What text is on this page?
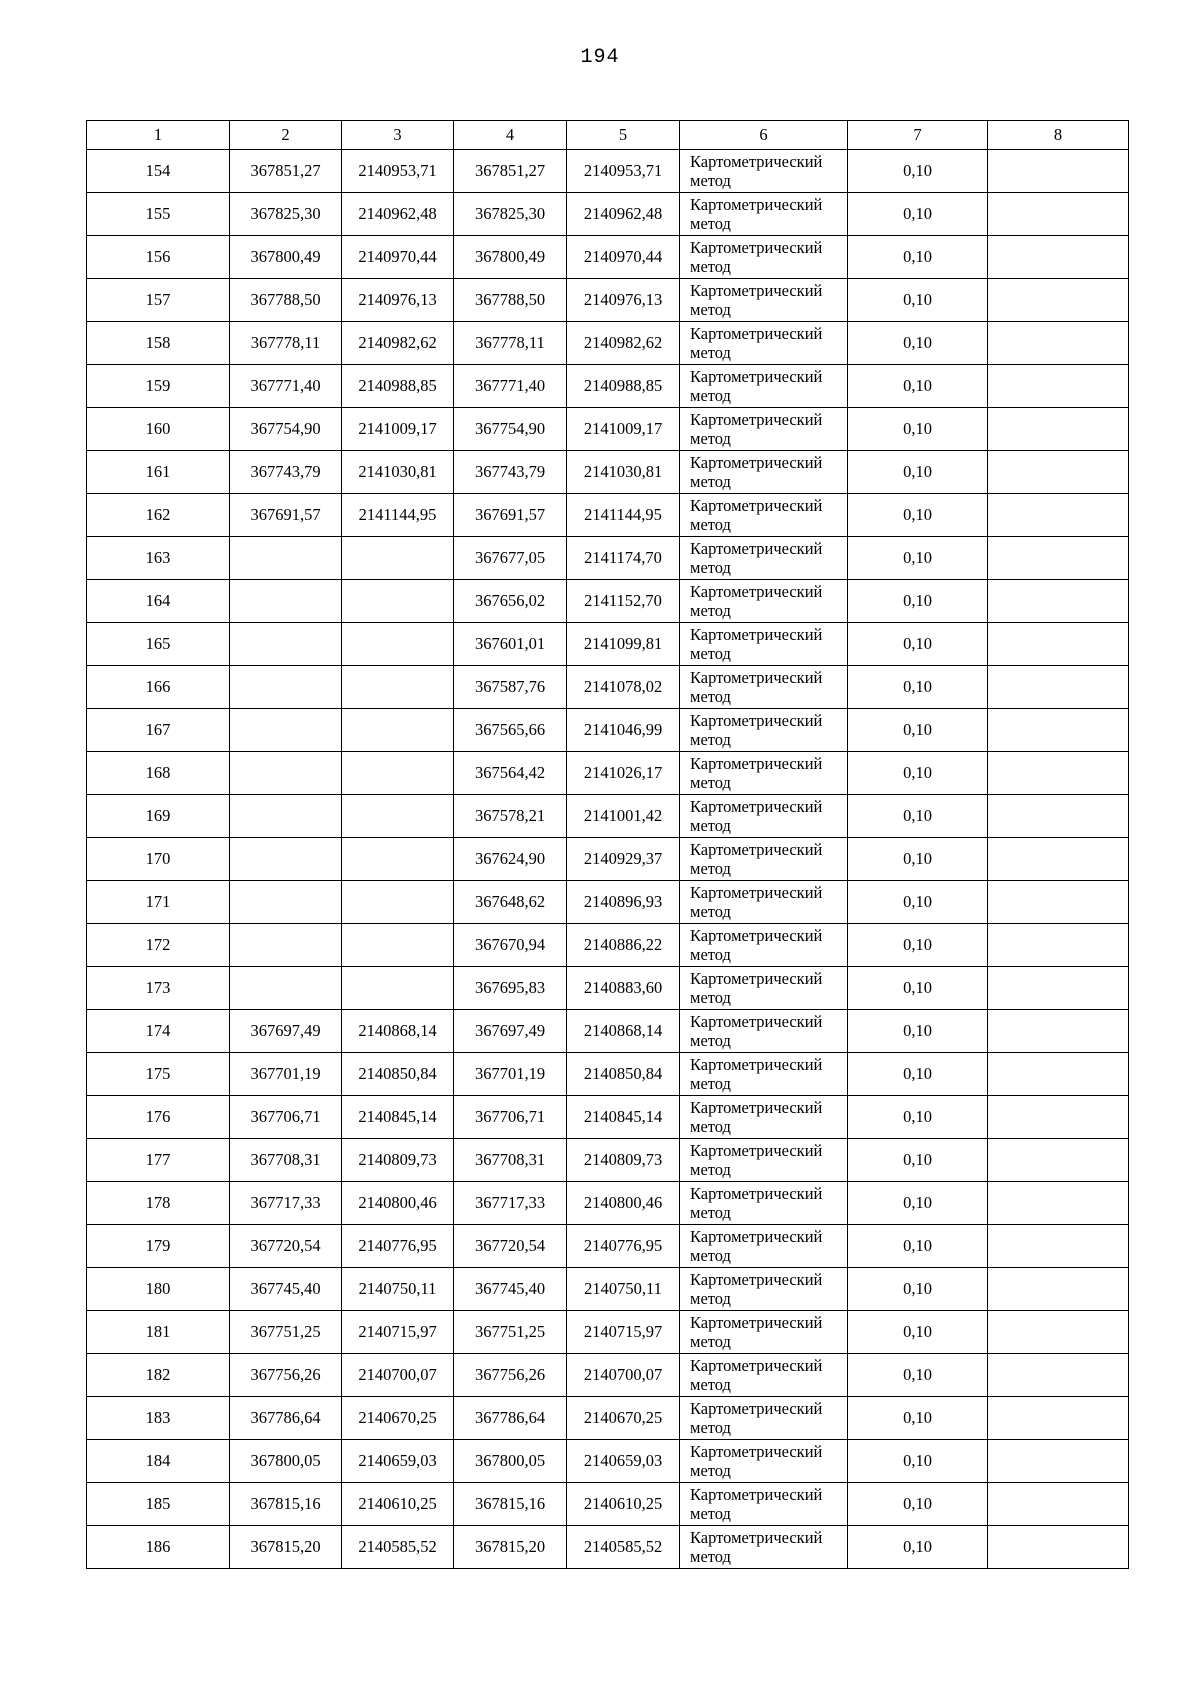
194
1	2	3	4	5	6	7	8
154	367851,27	2140953,71	367851,27	2140953,71	Картометрический метод	0,10	
155	367825,30	2140962,48	367825,30	2140962,48	Картометрический метод	0,10	
156	367800,49	2140970,44	367800,49	2140970,44	Картометрический метод	0,10	
157	367788,50	2140976,13	367788,50	2140976,13	Картометрический метод	0,10	
158	367778,11	2140982,62	367778,11	2140982,62	Картометрический метод	0,10	
159	367771,40	2140988,85	367771,40	2140988,85	Картометрический метод	0,10	
160	367754,90	2141009,17	367754,90	2141009,17	Картометрический метод	0,10	
161	367743,79	2141030,81	367743,79	2141030,81	Картометрический метод	0,10	
162	367691,57	2141144,95	367691,57	2141144,95	Картометрический метод	0,10	
163			367677,05	2141174,70	Картометрический метод	0,10	
164			367656,02	2141152,70	Картометрический метод	0,10	
165			367601,01	2141099,81	Картометрический метод	0,10	
166			367587,76	2141078,02	Картометрический метод	0,10	
167			367565,66	2141046,99	Картометрический метод	0,10	
168			367564,42	2141026,17	Картометрический метод	0,10	
169			367578,21	2141001,42	Картометрический метод	0,10	
170			367624,90	2140929,37	Картометрический метод	0,10	
171			367648,62	2140896,93	Картометрический метод	0,10	
172			367670,94	2140886,22	Картометрический метод	0,10	
173			367695,83	2140883,60	Картометрический метод	0,10	
174	367697,49	2140868,14	367697,49	2140868,14	Картометрический метод	0,10	
175	367701,19	2140850,84	367701,19	2140850,84	Картометрический метод	0,10	
176	367706,71	2140845,14	367706,71	2140845,14	Картометрический метод	0,10	
177	367708,31	2140809,73	367708,31	2140809,73	Картометрический метод	0,10	
178	367717,33	2140800,46	367717,33	2140800,46	Картометрический метод	0,10	
179	367720,54	2140776,95	367720,54	2140776,95	Картометрический метод	0,10	
180	367745,40	2140750,11	367745,40	2140750,11	Картометрический метод	0,10	
181	367751,25	2140715,97	367751,25	2140715,97	Картометрический метод	0,10	
182	367756,26	2140700,07	367756,26	2140700,07	Картометрический метод	0,10	
183	367786,64	2140670,25	367786,64	2140670,25	Картометрический метод	0,10	
184	367800,05	2140659,03	367800,05	2140659,03	Картометрический метод	0,10	
185	367815,16	2140610,25	367815,16	2140610,25	Картометрический метод	0,10	
186	367815,20	2140585,52	367815,20	2140585,52	Картометрический метод	0,10	
